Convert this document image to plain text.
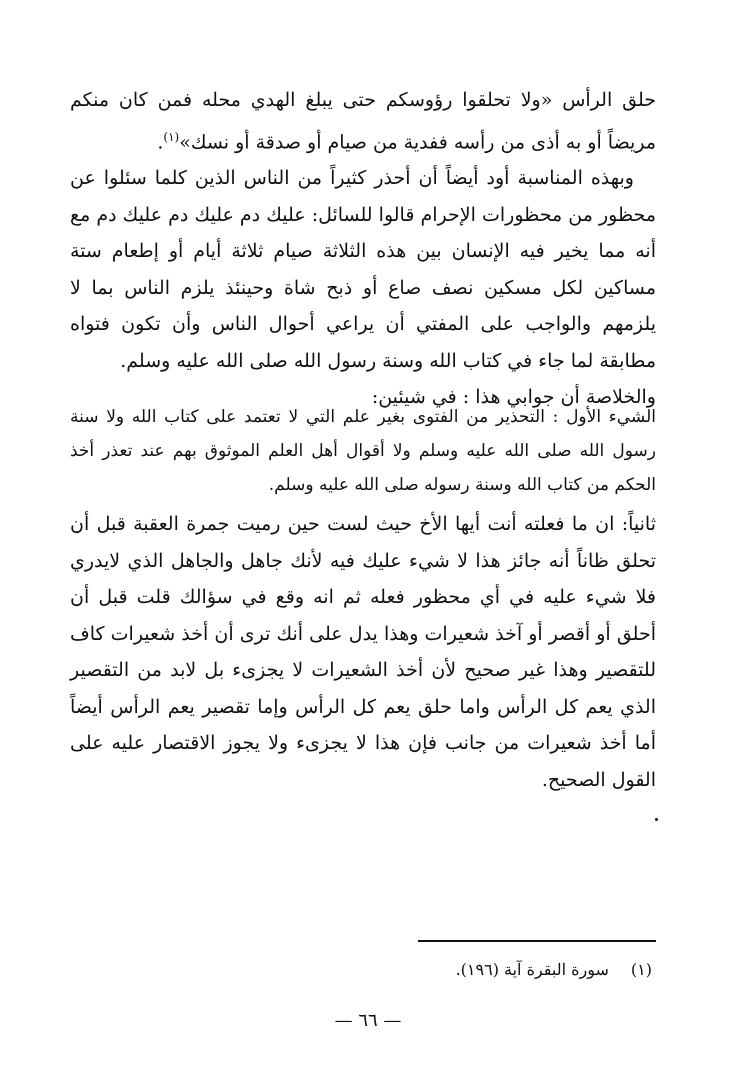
حلق الرأس «ولا تحلقوا رؤوسكم حتى يبلغ الهدي محله فمن كان منكم مريضاً أو به أذى من رأسه ففدية من صيام أو صدقة أو نسك»$^{(١)}$.

وبهذه المناسبة أود أيضاً أن أحذر كثيراً من الناس الذين كلما سئلوا عن محظور من محظورات الإحرام قالوا للسائل: عليك دم عليك دم عليك دم مع أنه مما يخير فيه الإنسان بين هذه الثلاثة صيام ثلاثة أيام أو إطعام ستة مساكين لكل مسكين نصف صاع أو ذبح شاة وحينئذ يلزم الناس بما لا يلزمهم والواجب على المفتي أن يراعي أحوال الناس وأن تكون فتواه مطابقة لما جاء في كتاب الله وسنة رسول الله صلى الله عليه وسلم.

والخلاصة أن جوابي هذا : في شيئين:

الشيء الأول : التحذير من الفتوى بغير علم التي لا تعتمد على كتاب الله ولا سنة رسول الله صلى الله عليه وسلم ولا أقوال أهل العلم الموثوق بهم عند تعذر أخذ الحكم من كتاب الله وسنة رسوله صلى الله عليه وسلم.

ثانياً: ان ما فعلته أنت أيها الأخ حيث لست حين رميت جمرة العقبة قبل أن تحلق ظاناً أنه جائز هذا لا شيء عليك فيه لأنك جاهل والجاهل الذي لايدري فلا شيء عليه في أي محظور فعله ثم انه وقع في سؤالك قلت قبل أن أحلق أو أقصر أو آخذ شعيرات وهذا يدل على أنك ترى أن أخذ شعيرات كاف للتقصير وهذا غير صحيح لأن أخذ الشعيرات لا يجزىء بل لابد من التقصير الذي يعم كل الرأس واما حلق يعم كل الرأس وإما تقصير يعم الرأس أيضاً أما أخذ شعيرات من جانب فإن هذا لا يجزىء ولا يجوز الاقتصار عليه على القول الصحيح.

(١)سورة البقرة آية (١٩٦).
— ٦٦ —
